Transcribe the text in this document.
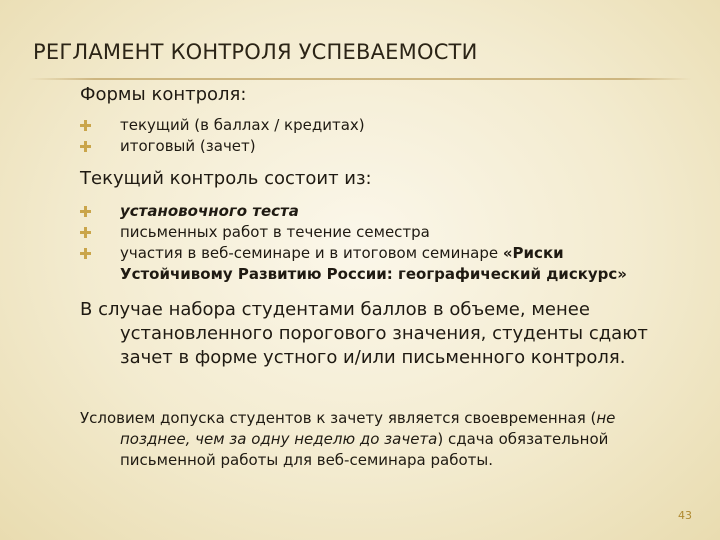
РЕГЛАМЕНТ КОНТРОЛЯ УСПЕВАЕМОСТИ
Формы контроля:
текущий (в баллах / кредитах)
итоговый (зачет)
Текущий контроль состоит из:
установочного теста
письменных работ в течение семестра
участия в веб-семинаре и в итоговом семинаре «Риски Устойчивому Развитию России: географический дискурс»
В случае набора студентами баллов в объеме, менее
установленного порогового значения, студенты сдают зачет в форме устного и/или письменного контроля.
Условием допуска студентов к зачету является своевременная (не
позднее, чем за одну неделю до зачета) сдача обязательной
письменной работы для веб-семинара работы.
43
